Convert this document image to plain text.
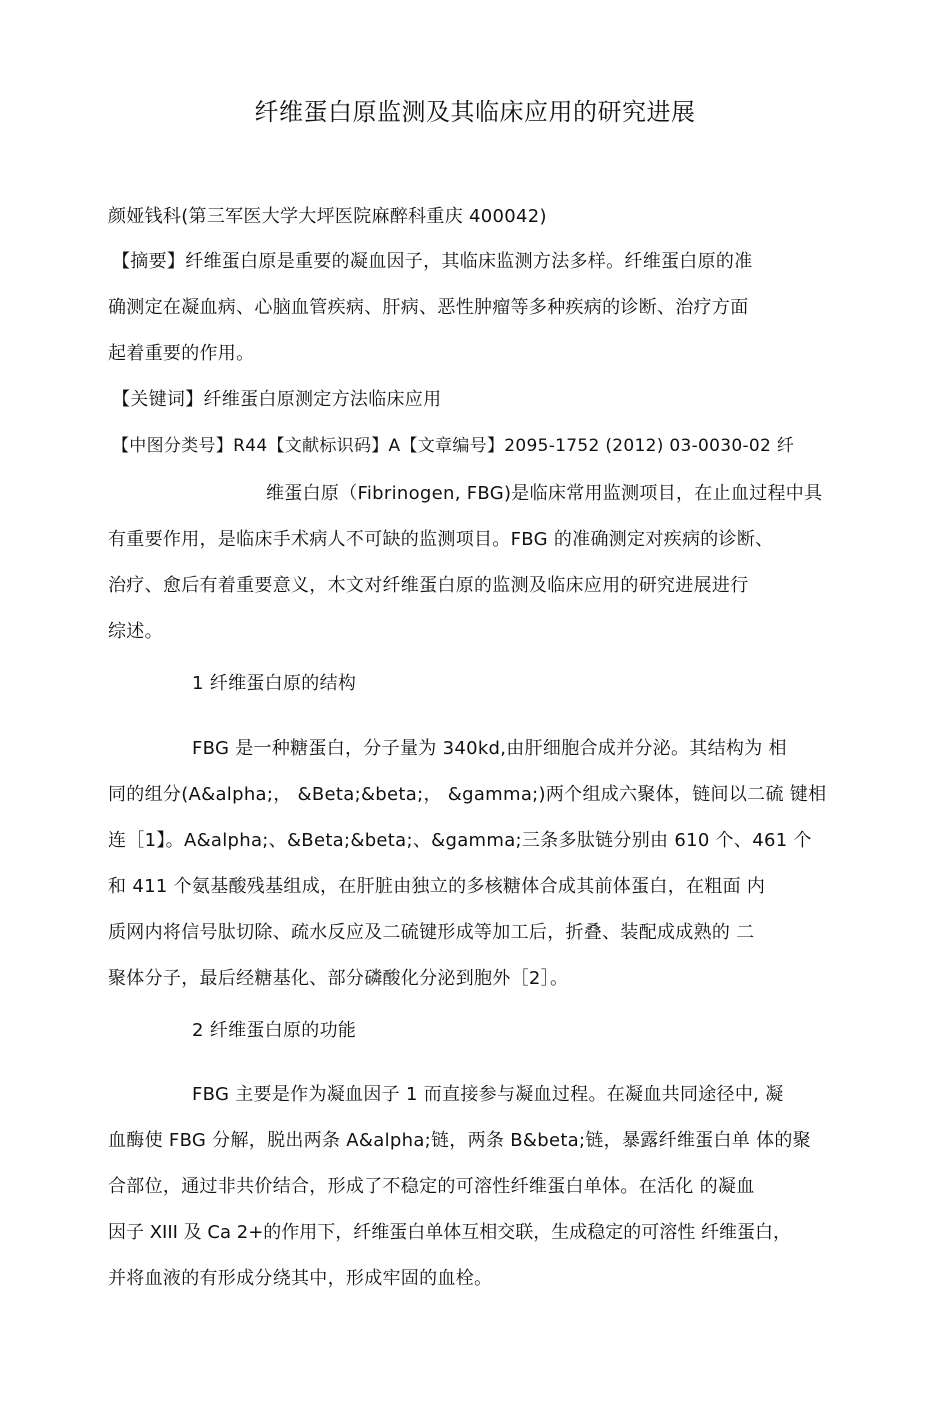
纤维蛋白原监测及其临床应用的研究进展
颜娅钱科(第三军医大学大坪医院麻醉科重庆 400042)
【摘要】纤维蛋白原是重要的凝血因子，其临床监测方法多样。纤维蛋白原的准
确测定在凝血病、心脑血管疾病、肝病、恶性肿瘤等多种疾病的诊断、治疗方面
起着重要的作用。
【关键词】纤维蛋白原测定方法临床应用
【中图分类号】R44【文献标识码】A【文章编号】2095-1752 (2012) 03-0030-02 纤
维蛋白原（Fibrinogen, FBG)是临床常用监测项目，在止血过程中具
有重要作用，是临床手术病人不可缺的监测项目。FBG 的准确测定对疾病的诊断、
治疗、愈后有着重要意义，木文对纤维蛋白原的监测及临床应用的研究进展进行
综述。
1 纤维蛋白原的结构
FBG 是一种糖蛋白，分子量为 340kd,由肝细胞合成并分泌。其结构为 相
同的组分(A&alpha;， &Beta;&beta;， &gamma;)两个组成六聚体，链间以二硫 键相
连［1】。A&alpha;、&Beta;&beta;、&gamma;三条多肽链分别由 610 个、461 个
和 411 个氨基酸残基组成，在肝脏由独立的多核糖体合成其前体蛋白，在粗面 内
质网内将信号肽切除、疏水反应及二硫键形成等加工后，折叠、装配成成熟的 二
聚体分子，最后经糖基化、部分磷酸化分泌到胞外［2］。
2 纤维蛋白原的功能
FBG 主要是作为凝血因子 1 而直接参与凝血过程。在凝血共同途径中, 凝
血酶使 FBG 分解，脱出两条 A&alpha;链，两条 B&beta;链，暴露纤维蛋白单 体的聚
合部位，通过非共价结合，形成了不稳定的可溶性纤维蛋白单体。在活化 的凝血
因子 XIII 及 Ca 2+的作用下，纤维蛋白单体互相交联，生成稳定的可溶性 纤维蛋白，
并将血液的有形成分绕其中，形成牢固的血栓。
